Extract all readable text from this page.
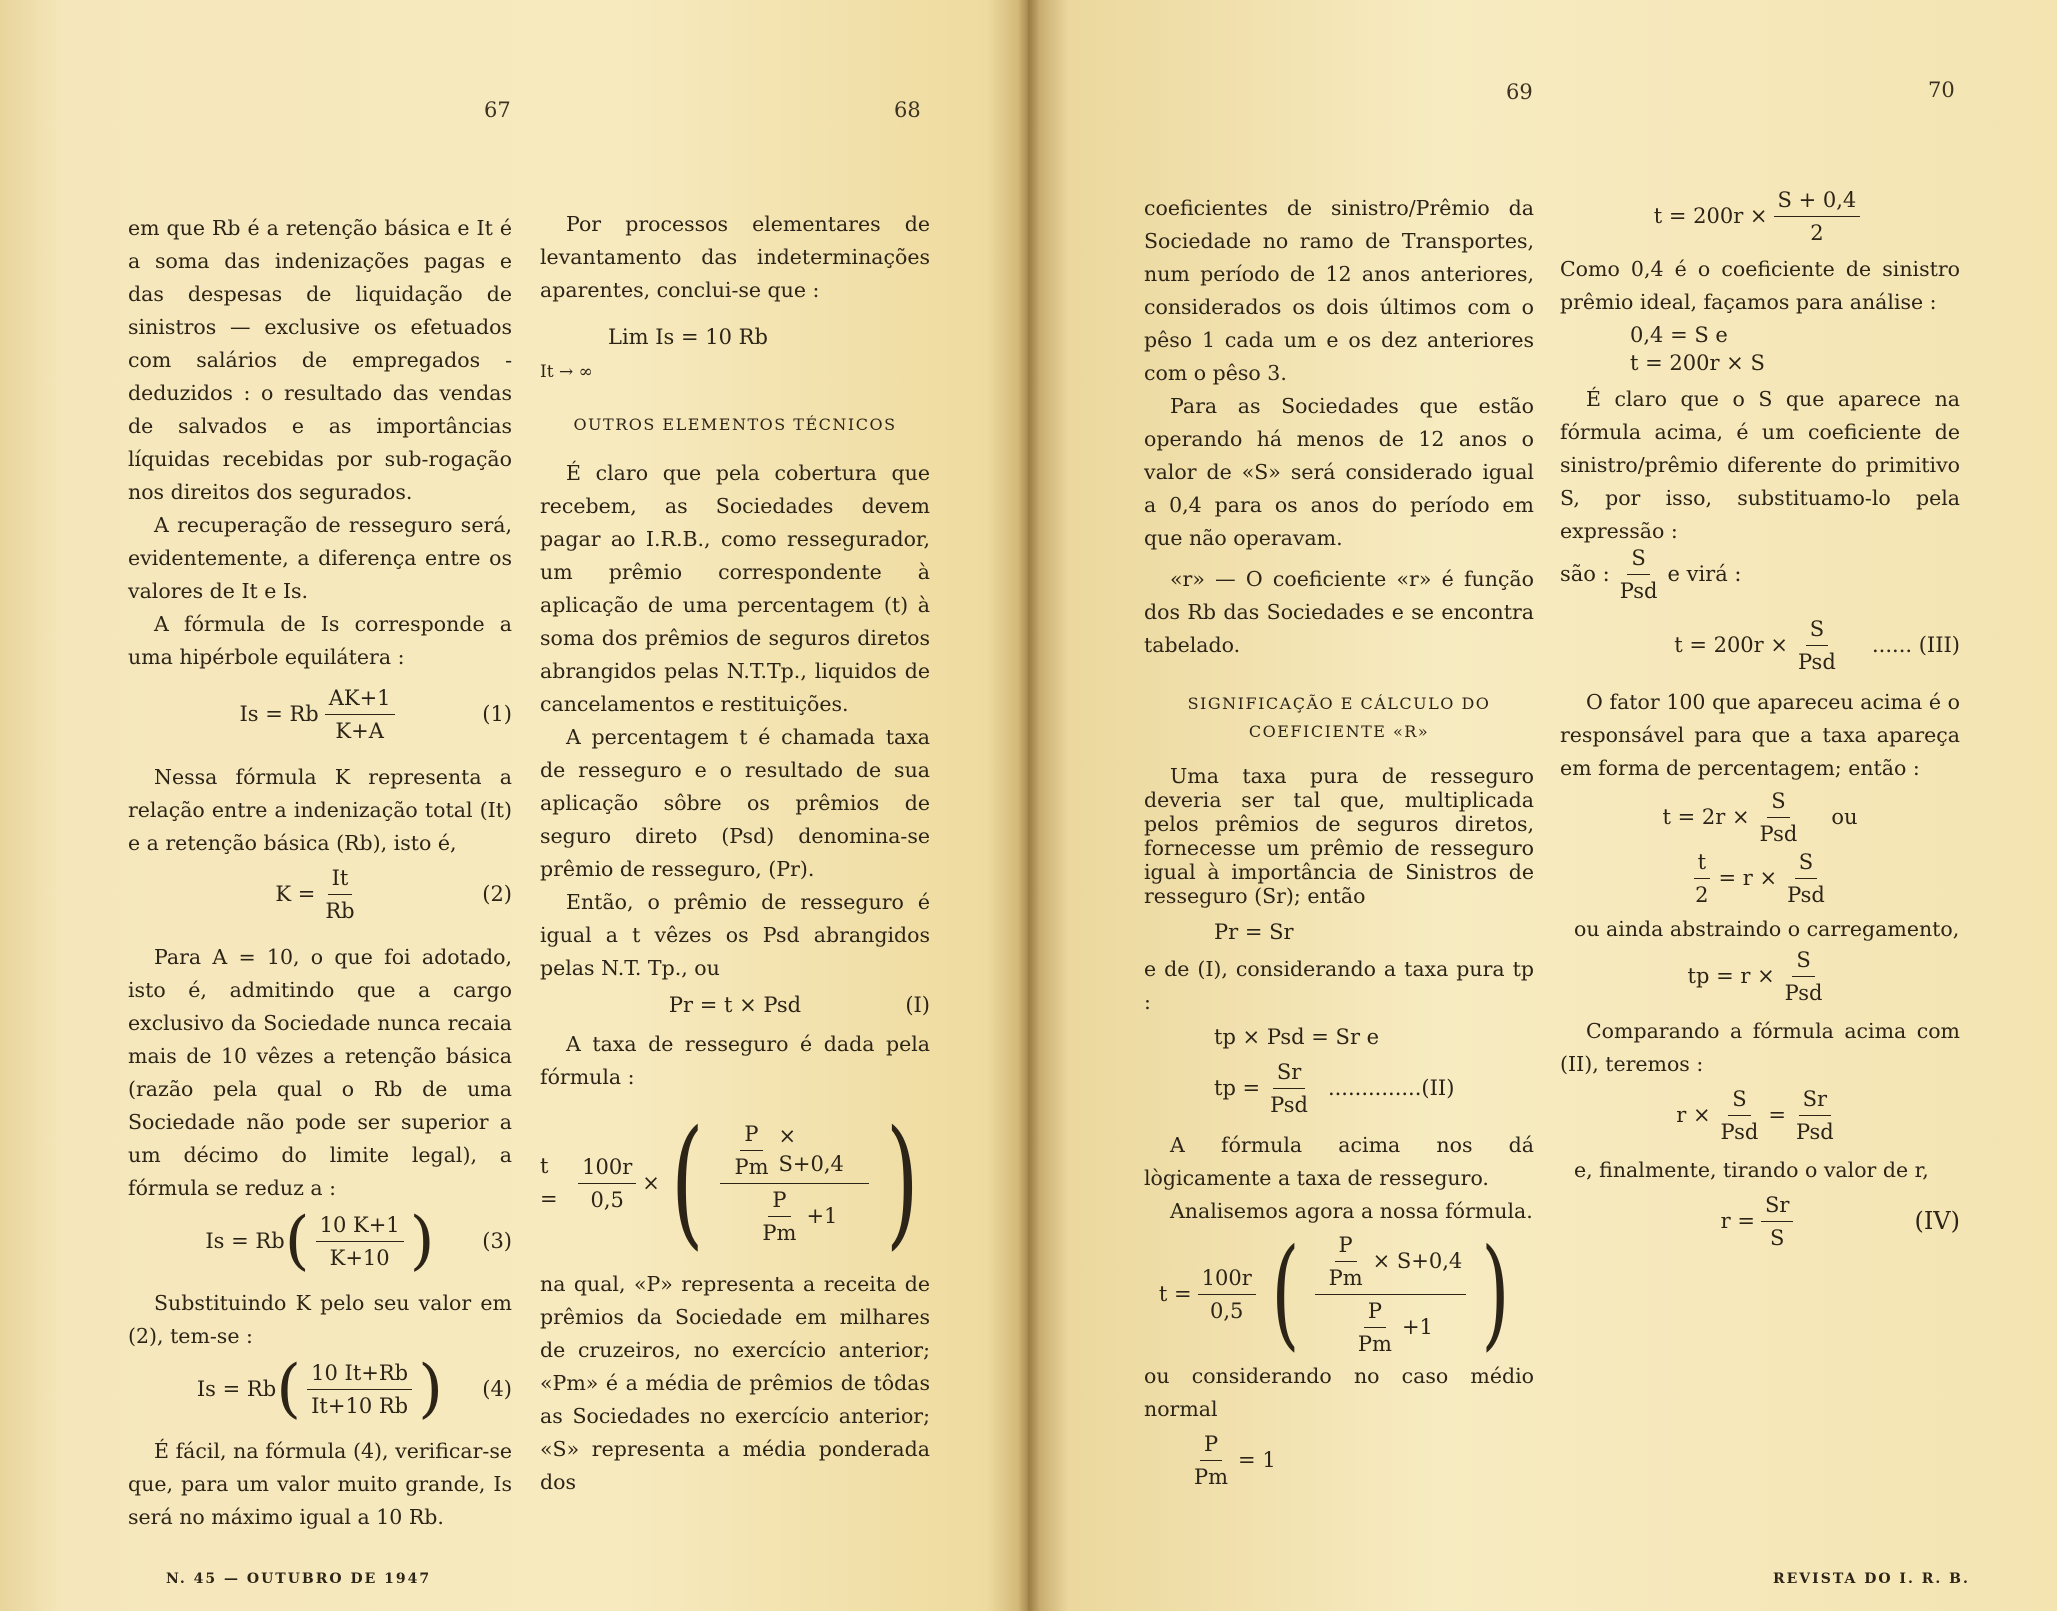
67	68
69	70

em que Rb é a retenção básica e It é a soma das indenizações pagas e das despesas de liquidação de sinistros — exclusive os efetuados com salários de empregados - deduzidos : o resultado das vendas de salvados e as importâncias líquidas recebidas por sub-rogação nos direitos dos segurados.

A recuperação de resseguro será, evidentemente, a diferença entre os valores de It e Is.

A fórmula de Is corresponde a uma hipérbole equilátera :

Is = Rb $\frac{AK+1}{K+A}$	(1)

Nessa fórmula K representa a relação entre a indenização total (It) e a retenção básica (Rb), isto é,

$K = \frac{It}{Rb}$	(2)

Para A = 10, o que foi adotado, isto é, admitindo que a cargo exclusivo da Sociedade nunca recaia mais de 10 vêzes a retenção básica (razão pela qual o Rb de uma Sociedade não pode ser superior a um décimo do limite legal), a fórmula se reduz a :

Is = Rb ( $\frac{10 K+1}{K+10}$ ) (3)

Substituindo K pelo seu valor em (2), tem-se :

Is = Rb ( $\frac{10 It+Rb}{It+10 Rb}$ ) (4)

É fácil, na fórmula (4), verificar-se que, para um valor muito grande, Is será no máximo igual a 10 Rb.

Por processos elementares de levantamento das indeterminações aparentes, conclui-se que :

Lim Is = 10 Rb
It → ∞
OUTROS ELEMENTOS TÉCNICOS

É claro que pela cobertura que recebem, as Sociedades devem pagar ao I.R.B., como ressegurador, um prêmio correspondente à aplicação de uma percentagem (t) à soma dos prêmios de seguros diretos abrangidos pelas N.T.Tp., liquidos de cancelamentos e restituições.

A percentagem t é chamada taxa de resseguro e o resultado de sua aplicação sôbre os prêmios de seguro direto (Psd) denomina-se prêmio de resseguro, (Pr).

Então, o prêmio de resseguro é igual a t vêzes os Psd abrangidos pelas N.T. Tp., ou

Pr = t × Psd	(I)

A taxa de resseguro é dada pela fórmula :

$t = \frac{100r}{0,5}$ × ( $\frac{\frac{P}{Pm} \times S+0,4}{\frac{P}{Pm} +1}$ )

na qual, «P» representa a receita de prêmios da Sociedade em milhares de cruzeiros, no exercício anterior; «Pm» é a média de prêmios de tôdas as Sociedades no exercício anterior; «S» representa a média ponderada dos

coeficientes de sinistro/Prêmio da Sociedade no ramo de Transportes, num período de 12 anos anteriores, considerados os dois últimos com o pêso 1 cada um e os dez anteriores com o pêso 3.

Para as Sociedades que estão operando há menos de 12 anos o valor de «S» será considerado igual a 0,4 para os anos do período em que não operavam.

«r» — O coeficiente «r» é função dos Rb das Sociedades e se encontra tabelado.

SIGNIFICAÇÃO E CÁLCULO DO
COEFICIENTE «R»

Uma taxa pura de resseguro deveria ser tal que, multiplicada pelos prêmios de seguros diretos, fornecesse um prêmio de resseguro igual à importância de Sinistros de resseguro (Sr); então

Pr = Sr

e de (I), considerando a taxa pura tp :

tp × Psd = Sr e
tp = $\frac{Sr}{\text{Psd}} ..............(II)$

A fórmula acima nos dá lògicamente a taxa de resseguro.

Analisemos agora a nossa fórmula.

$t = \frac{100r}{0,5}$ ( $\frac{\frac{P}{Pm} \times S+0,4}{\frac{P}{Pm} +1}$ )

ou considerando no caso médio normal

$\frac{P}{Pm} = 1$
$t = 200r \times \frac{S + 0,4}{2}$

Como 0,4 é o coeficiente de sinistro prêmio ideal, façamos para análise :

0,4 = S e
t = 200r × S

É claro que o S que aparece na fórmula acima, é um coeficiente de sinistro/prêmio diferente do primitivo S, por isso, substituamo-lo pela expressão :

são : $\frac{S}{\text{Psd}}$ e virá :
$t = 200r \times \frac{S}{\text{Psd}}$ ...... (III)

O fator 100 que apareceu acima é o responsável para que a taxa apareça em forma de percentagem; então :

$t = 2r \times \frac{S}{\text{Psd}}$ ou
$\frac{t}{2} = r \times \frac{S}{\text{Psd}}$

ou ainda abstraindo o carregamento,

tp = $r \times \frac{S}{\text{Psd}}$

Comparando a fórmula acima com (II), teremos :

$r \times \frac{S}{\text{Psd}} = \frac{Sr}{\text{Psd}}$

e, finalmente, tirando o valor de r,

$r = \frac{Sr}{S}$	(IV)
N. 45 — OUTUBRO DE 1947	REVISTA DO I. R. B.
